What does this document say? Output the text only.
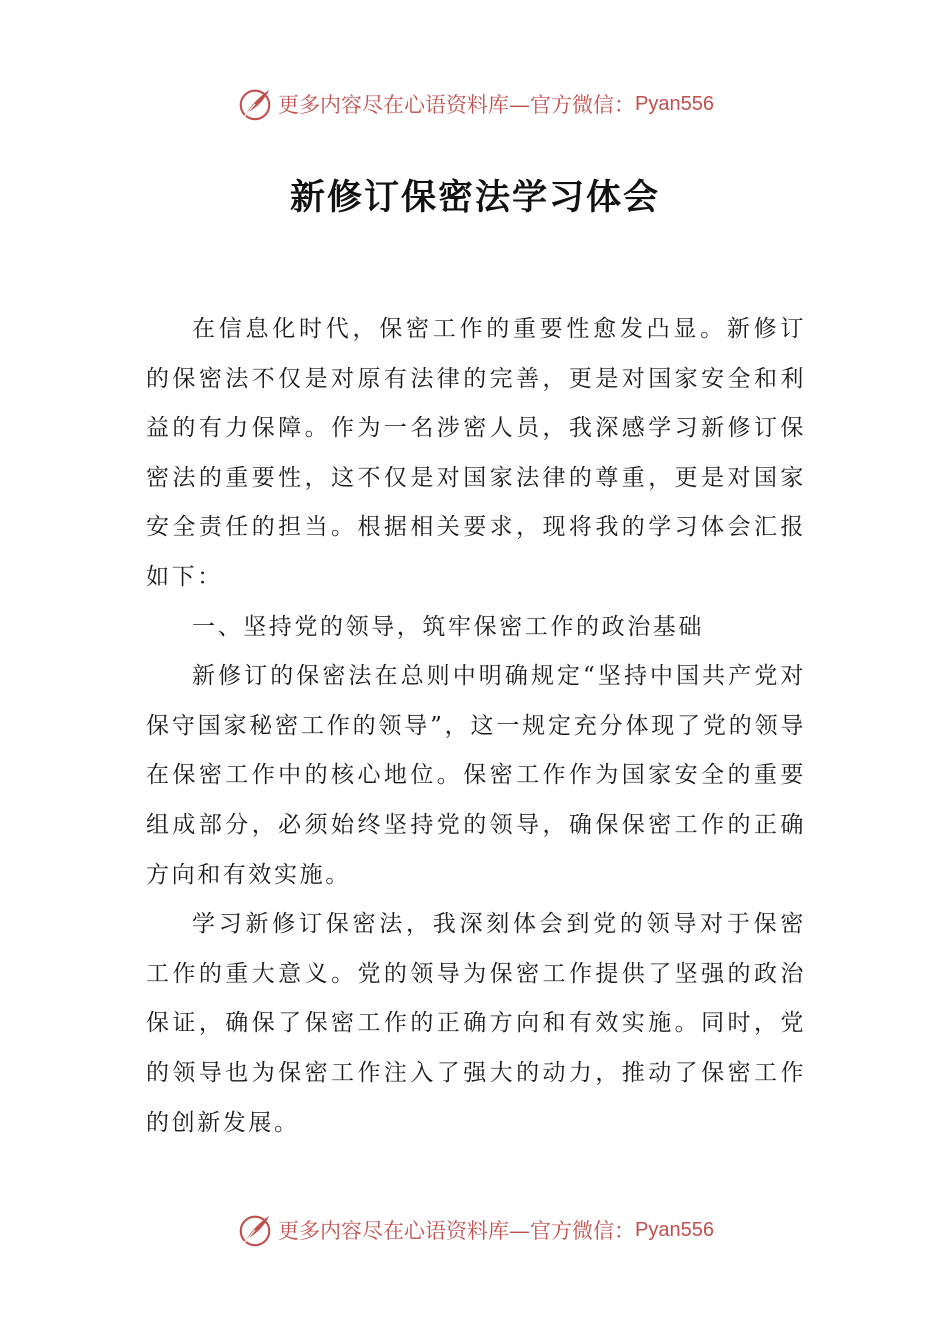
更多内容尽在心语资料库—官方微信： Pyan556
新修订保密法学习体会

在信息化时代，保密工作的重要性愈发凸显。新修订的保密法不仅是对原有法律的完善，更是对国家安全和利益的有力保障。作为一名涉密人员，我深感学习新修订保密法的重要性，这不仅是对国家法律的尊重，更是对国家安全责任的担当。根据相关要求，现将我的学习体会汇报如下：

一、坚持党的领导，筑牢保密工作的政治基础

新修订的保密法在总则中明确规定“坚持中国共产党对保守国家秘密工作的领导”，这一规定充分体现了党的领导在保密工作中的核心地位。保密工作作为国家安全的重要组成部分，必须始终坚持党的领导，确保保密工作的正确方向和有效实施。

学习新修订保密法，我深刻体会到党的领导对于保密工作的重大意义。党的领导为保密工作提供了坚强的政治保证，确保了保密工作的正确方向和有效实施。同时，党的领导也为保密工作注入了强大的动力，推动了保密工作的创新发展。

更多内容尽在心语资料库—官方微信： Pyan556
